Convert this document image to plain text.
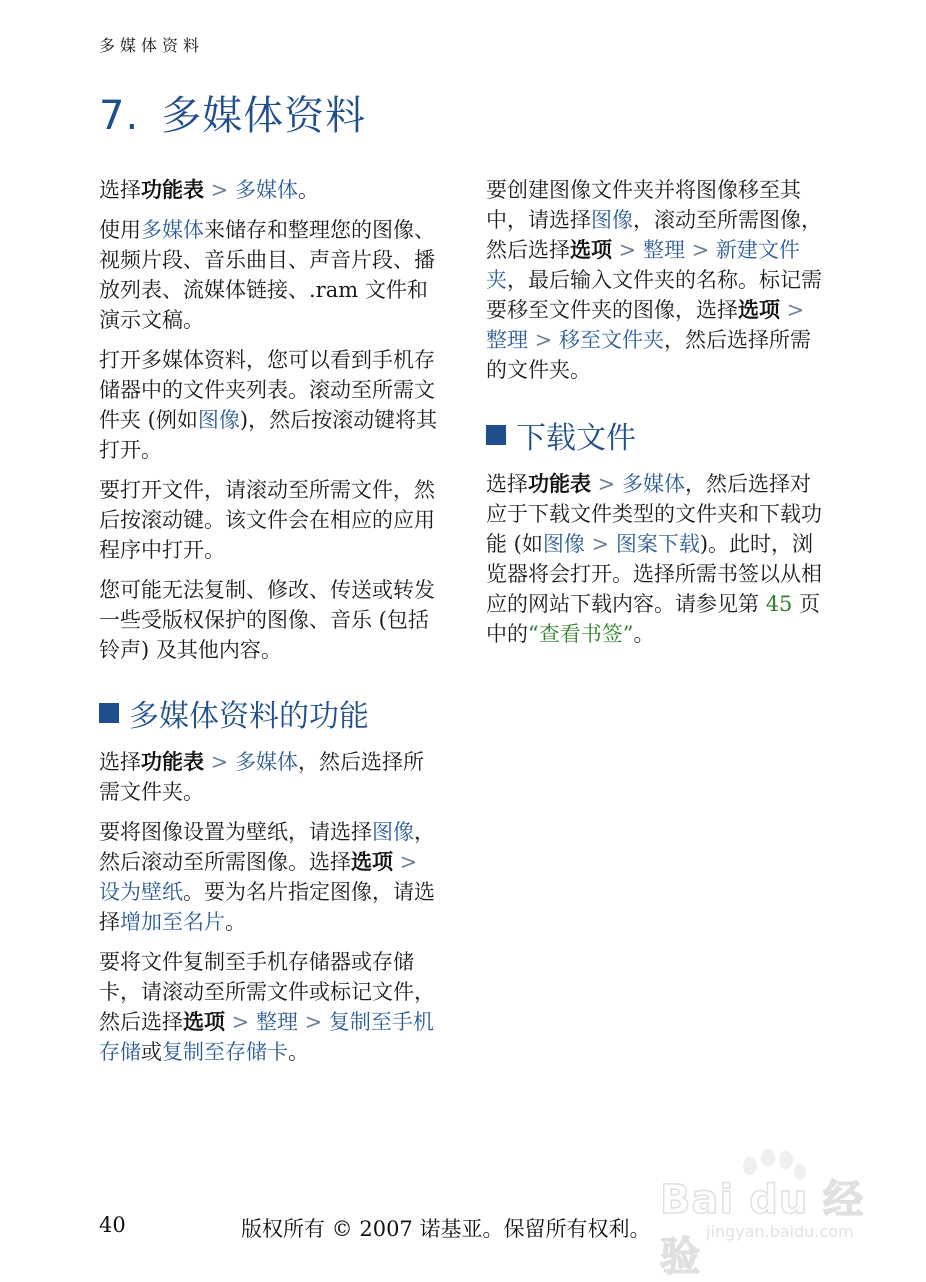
多媒体资料
7. 多媒体资料

选择功能表 > 多媒体。

使用多媒体来储存和整理您的图像、视频片段、音乐曲目、声音片段、播放列表、流媒体链接、.ram 文件和演示文稿。

打开多媒体资料，您可以看到手机存储器中的文件夹列表。滚动至所需文件夹 (例如图像)，然后按滚动键将其打开。

要打开文件，请滚动至所需文件，然后按滚动键。该文件会在相应的应用程序中打开。

您可能无法复制、修改、传送或转发一些受版权保护的图像、音乐 (包括铃声) 及其他内容。

多媒体资料的功能

选择功能表 > 多媒体，然后选择所需文件夹。

要将图像设置为壁纸，请选择图像，然后滚动至所需图像。选择选项 > 设为壁纸。要为名片指定图像，请选择增加至名片。

要将文件复制至手机存储器或存储卡，请滚动至所需文件或标记文件，然后选择选项 > 整理 > 复制至手机存储或复制至存储卡。

要创建图像文件夹并将图像移至其中，请选择图像，滚动至所需图像，然后选择选项 > 整理 > 新建文件夹，最后输入文件夹的名称。标记需要移至文件夹的图像，选择选项 > 整理 > 移至文件夹，然后选择所需的文件夹。

下载文件

选择功能表 > 多媒体，然后选择对应于下载文件类型的文件夹和下载功能 (如图像 > 图案下载)。此时，浏览器将会打开。选择所需书签以从相应的网站下载内容。请参见第 45 页中的“查看书签”。

Bai du 经验
jingyan.baidu.com
40	版权所有 © 2007 诺基亚。保留所有权利。
